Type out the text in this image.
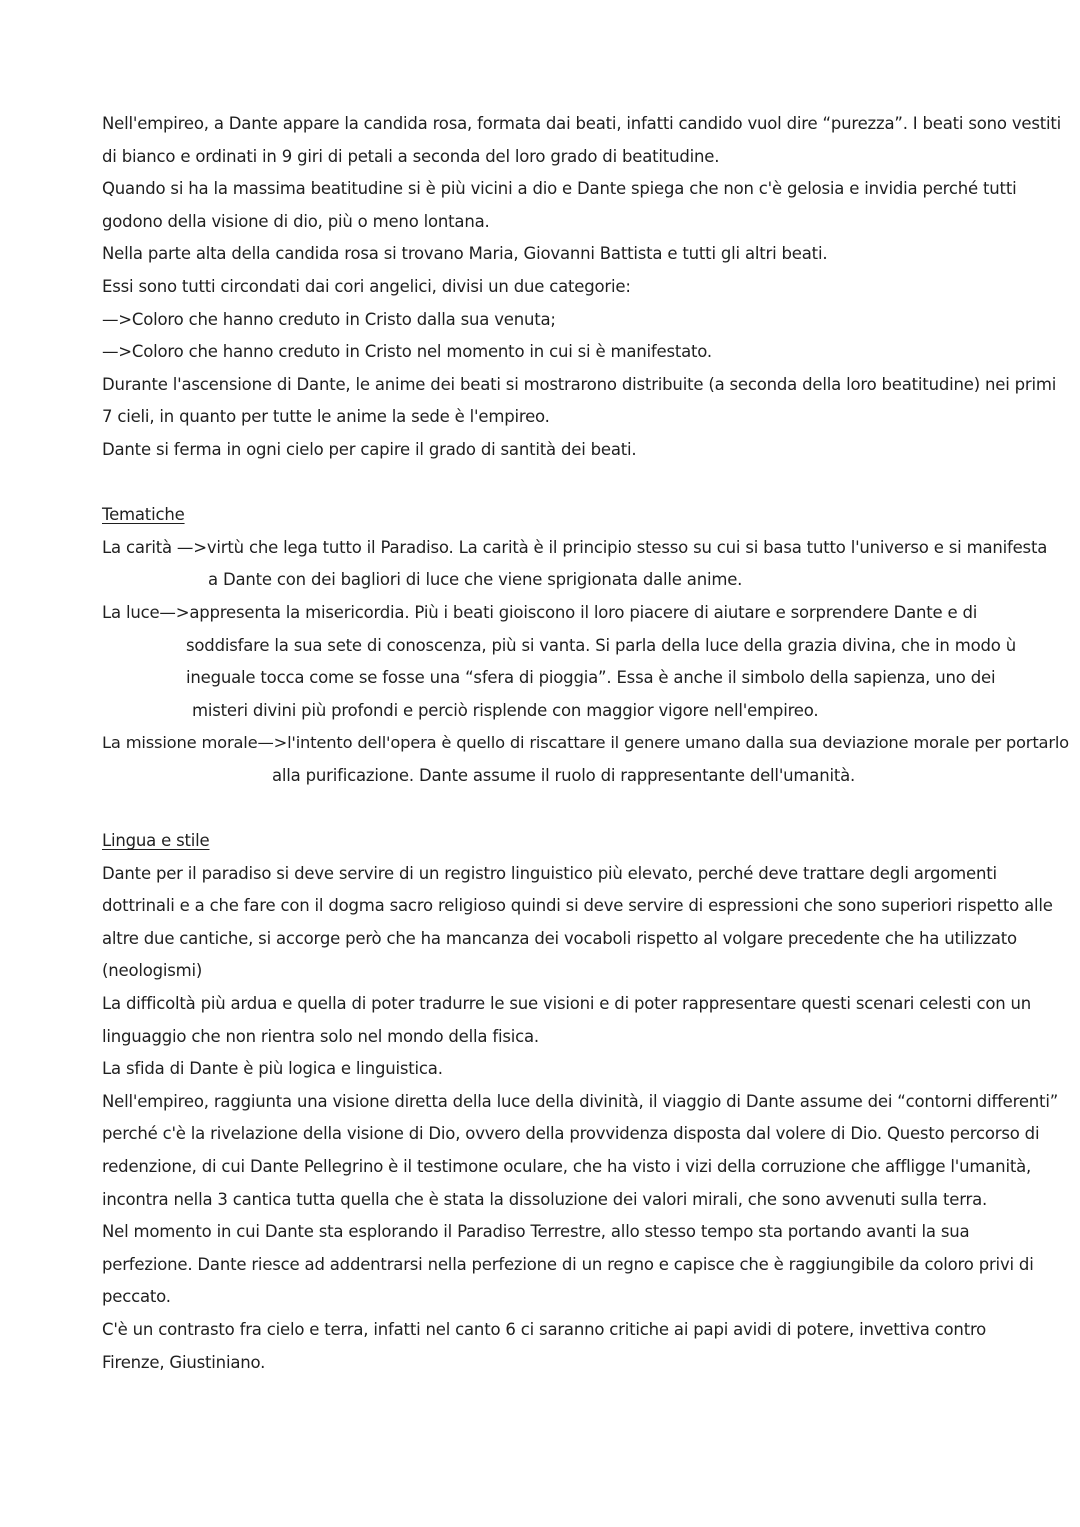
Nell'empireo, a Dante appare la candida rosa, formata dai beati, infatti candido vuol dire “purezza”. I beati sono vestiti
di bianco e ordinati in 9 giri di petali a seconda del loro grado di beatitudine.
Quando si ha la massima beatitudine si è più vicini a dio e Dante spiega che non c'è gelosia e invidia perché tutti
godono della visione di dio, più o meno lontana.
Nella parte alta della candida rosa si trovano Maria, Giovanni Battista e tutti gli altri beati.
Essi sono tutti circondati dai cori angelici, divisi un due categorie:
—>Coloro che hanno creduto in Cristo dalla sua venuta;
—>Coloro che hanno creduto in Cristo nel momento in cui si è manifestato.
Durante l'ascensione di Dante, le anime dei beati si mostrarono distribuite (a seconda della loro beatitudine) nei primi
7 cieli, in quanto per tutte le anime la sede è l'empireo.
Dante si ferma in ogni cielo per capire il grado di santità dei beati.
Tematiche
La carità —>virtù che lega tutto il Paradiso. La carità è il principio stesso su cui si basa tutto l'universo e si manifesta
a Dante con dei bagliori di luce che viene sprigionata dalle anime.
La luce—>appresenta la misericordia. Più i beati gioiscono il loro piacere di aiutare e sorprendere Dante e di
soddisfare la sua sete di conoscenza, più si vanta. Si parla della luce della grazia divina, che in modo ù
ineguale tocca come se fosse una “sfera di pioggia”. Essa è anche il simbolo della sapienza, uno dei
misteri divini più profondi e perciò risplende con maggior vigore nell'empireo.
La missione morale—>l'intento dell'opera è quello di riscattare il genere umano dalla sua deviazione morale per portarlo
alla purificazione. Dante assume il ruolo di rappresentante dell'umanità.
Lingua e stile
Dante per il paradiso si deve servire di un registro linguistico più elevato, perché deve trattare degli argomenti
dottrinali e a che fare con il dogma sacro religioso quindi si deve servire di espressioni che sono superiori rispetto alle
altre due cantiche, si accorge però che ha mancanza dei vocaboli rispetto al volgare precedente che ha utilizzato
(neologismi)
La difficoltà più ardua e quella di poter tradurre le sue visioni e di poter rappresentare questi scenari celesti con un
linguaggio che non rientra solo nel mondo della fisica.
La sfida di Dante è più logica e linguistica.
Nell'empireo, raggiunta una visione diretta della luce della divinità, il viaggio di Dante assume dei “contorni differenti”
perché c'è la rivelazione della visione di Dio, ovvero della provvidenza disposta dal volere di Dio. Questo percorso di
redenzione, di cui Dante Pellegrino è il testimone oculare, che ha visto i vizi della corruzione che affligge l'umanità,
incontra nella 3 cantica tutta quella che è stata la dissoluzione dei valori mirali, che sono avvenuti sulla terra.
Nel momento in cui Dante sta esplorando il Paradiso Terrestre, allo stesso tempo sta portando avanti la sua
perfezione. Dante riesce ad addentrarsi nella perfezione di un regno e capisce che è raggiungibile da coloro privi di
peccato.
C'è un contrasto fra cielo e terra, infatti nel canto 6 ci saranno critiche ai papi avidi di potere, invettiva contro
Firenze, Giustiniano.
